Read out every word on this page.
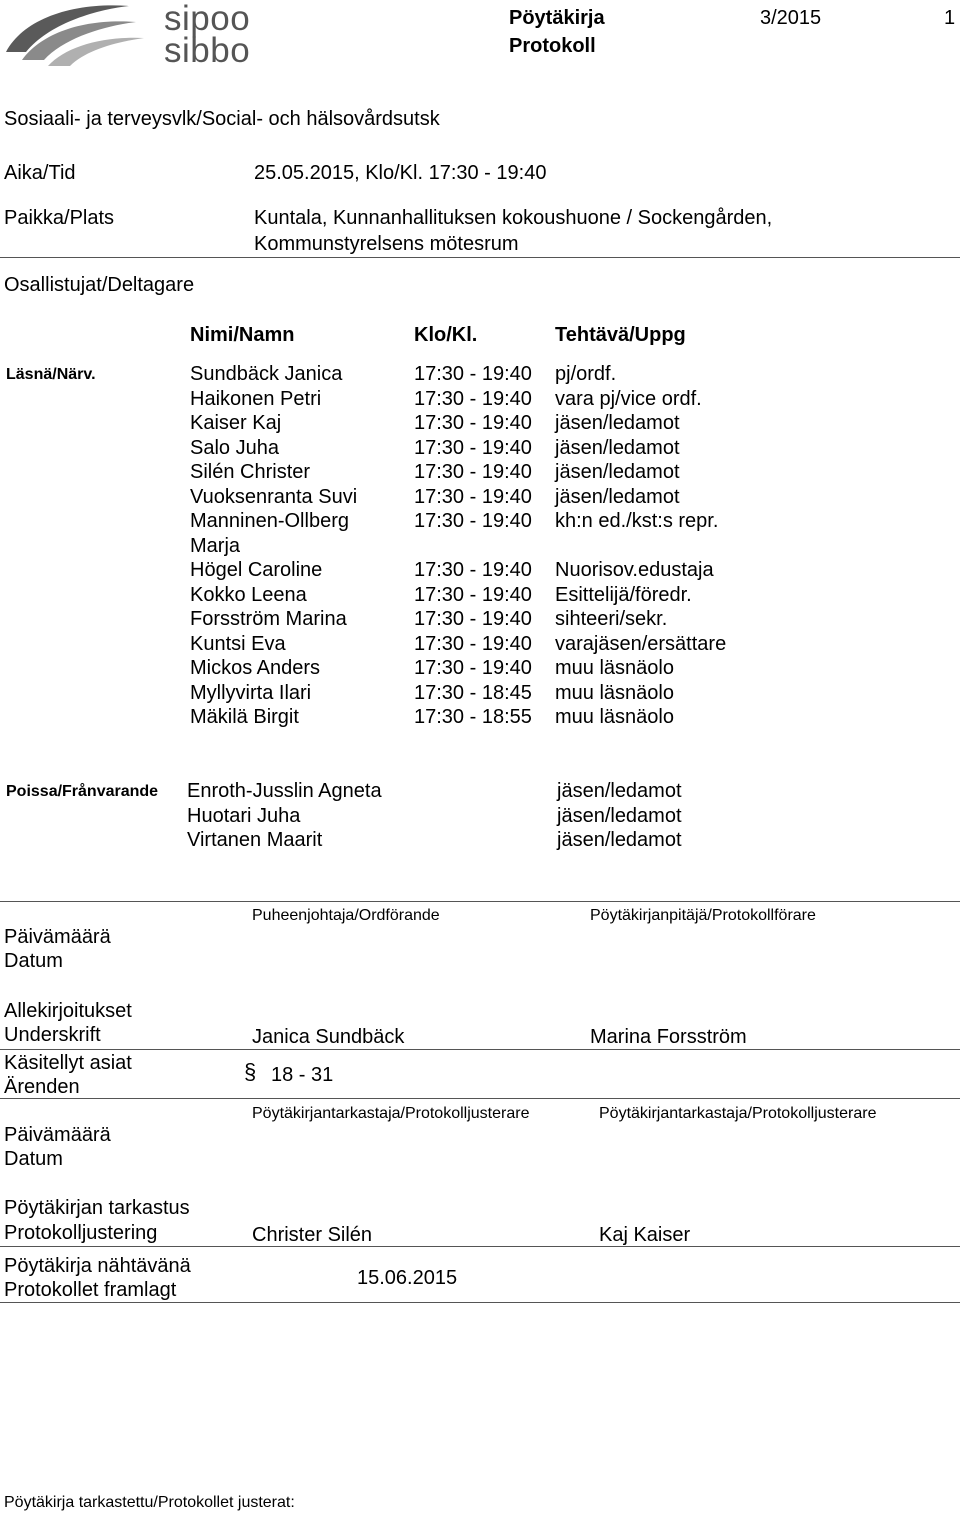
sipoo
sibbo
Pöytäkirja
Protokoll
3/2015	1
Sosiaali- ja terveysvlk/Social- och hälsovårdsutsk
Aika/Tid	25.05.2015, Klo/Kl. 17:30 - 19:40
Paikka/Plats	Kuntala, Kunnanhallituksen kokoushuone / Sockengården,
Kommunstyrelsens mötesrum
Osallistujat/Deltagare
Nimi/Namn	Klo/Kl.	Tehtävä/Uppg
Läsnä/Närv.	Sundbäck Janica	17:30 - 19:40 pj/ordf.
Haikonen Petri	17:30 - 19:40 vara pj/vice ordf.
Kaiser Kaj	17:30 - 19:40 jäsen/ledamot
Salo Juha	17:30 - 19:40 jäsen/ledamot
Silén Christer	17:30 - 19:40 jäsen/ledamot
Vuoksenranta Suvi	17:30 - 19:40 jäsen/ledamot
Manninen-Ollberg
Marja
17:30 - 19:40 kh:n ed./kst:s repr.
Högel Caroline	17:30 - 19:40 Nuorisov.edustaja
Kokko Leena	17:30 - 19:40 Esittelijä/föredr.
Forsström Marina	17:30 - 19:40 sihteeri/sekr.
Kuntsi Eva	17:30 - 19:40 varajäsen/ersättare
Mickos Anders	17:30 - 19:40 muu läsnäolo
Myllyvirta Ilari	17:30 - 18:45 muu läsnäolo
Mäkilä Birgit	17:30 - 18:55 muu läsnäolo
Poissa/Frånvarande Enroth-Jusslin Agneta	jäsen/ledamot
Huotari Juha	jäsen/ledamot
Virtanen Maarit	jäsen/ledamot
Puheenjohtaja/Ordförande	Pöytäkirjanpitäjä/Protokollförare
Päivämäärä
Datum
Allekirjoitukset
Underskrift	Janica Sundbäck	Marina Forsström
Käsitellyt asiat
Ärenden
§ 18 - 31
Pöytäkirjantarkastaja/Protokolljusterare	Pöytäkirjantarkastaja/Protokolljusterare
Päivämäärä
Datum
Pöytäkirjan tarkastus
Protokolljustering	Christer Silén	Kaj Kaiser
Pöytäkirja nähtävänä
Protokollet framlagt
15.06.2015
Pöytäkirja tarkastettu/Protokollet justerat:
